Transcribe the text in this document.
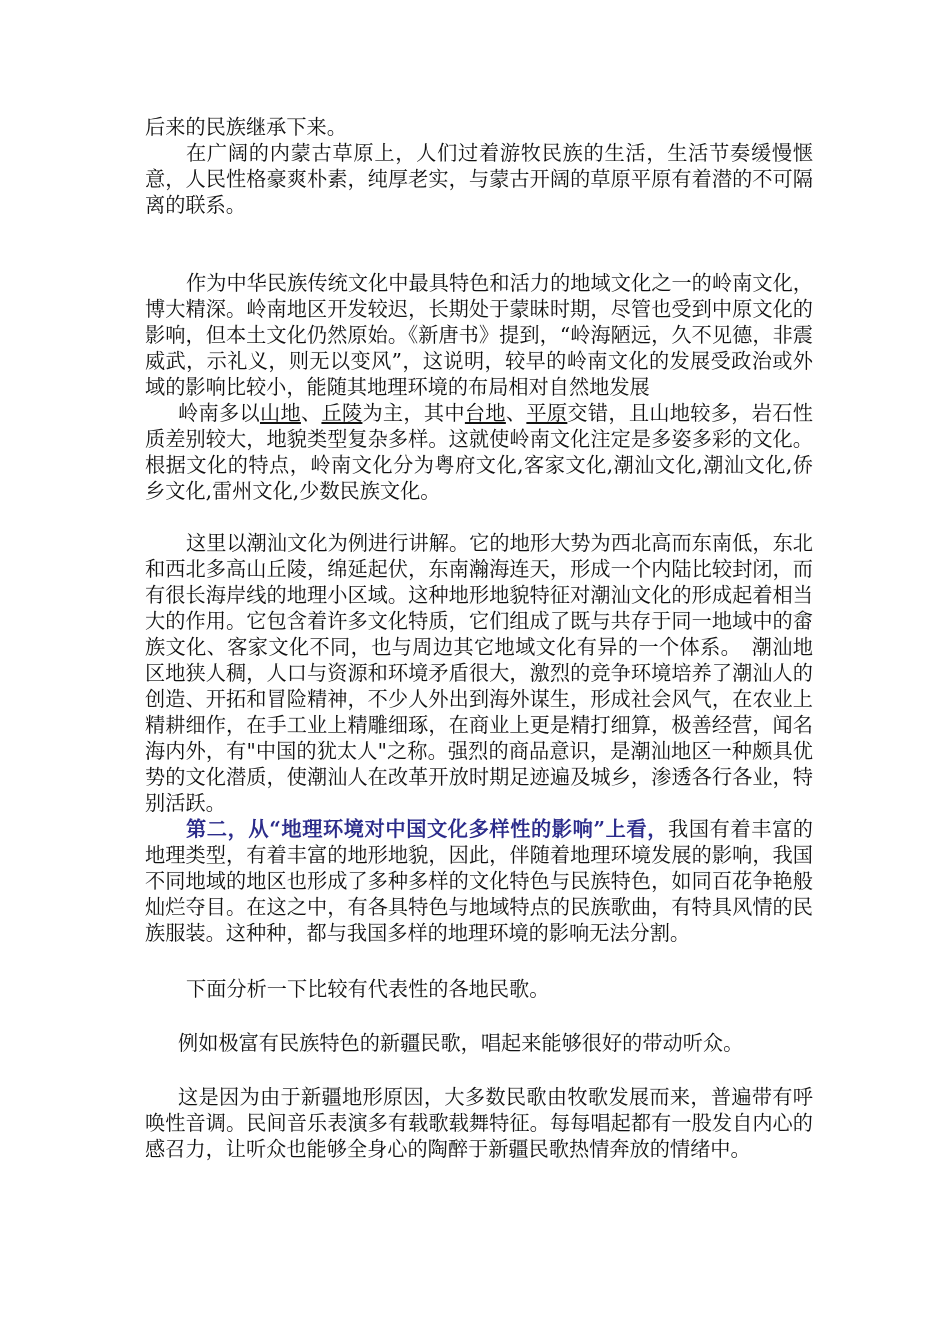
后来的民族继承下来。

在广阔的内蒙古草原上，人们过着游牧民族的生活，生活节奏缓慢惬意，人民性格豪爽朴素，纯厚老实，与蒙古开阔的草原平原有着潜的不可隔离的联系。

作为中华民族传统文化中最具特色和活力的地域文化之一的岭南文化，博大精深。岭南地区开发较迟，长期处于蒙昧时期，尽管也受到中原文化的影响，但本土文化仍然原始。《新唐书》提到，“岭海陋远，久不见德，非震威武，示礼义，则无以变风”，这说明，较早的岭南文化的发展受政治或外域的影响比较小，能随其地理环境的布局相对自然地发展

岭南多以山地、丘陵为主，其中台地、平原交错，且山地较多，岩石性质差别较大，地貌类型复杂多样。这就使岭南文化注定是多姿多彩的文化。根据文化的特点，岭南文化分为粤府文化,客家文化,潮汕文化,潮汕文化,侨乡文化,雷州文化,少数民族文化。

这里以潮汕文化为例进行讲解。它的地形大势为西北高而东南低，东北和西北多高山丘陵，绵延起伏，东南瀚海连天，形成一个内陆比较封闭，而有很长海岸线的地理小区域。这种地形地貌特征对潮汕文化的形成起着相当大的作用。它包含着许多文化特质，它们组成了既与共存于同一地域中的畲族文化、客家文化不同，也与周边其它地域文化有异的一个体系。　潮汕地区地狭人稠，人口与资源和环境矛盾很大，激烈的竞争环境培养了潮汕人的创造、开拓和冒险精神，不少人外出到海外谋生，形成社会风气，在农业上精耕细作，在手工业上精雕细琢，在商业上更是精打细算，极善经营，闻名海内外，有"中国的犹太人"之称。强烈的商品意识，是潮汕地区一种颇具优势的文化潜质，使潮汕人在改革开放时期足迹遍及城乡，渗透各行各业，特别活跃。

第二，从“地理环境对中国文化多样性的影响”上看，我国有着丰富的地理类型，有着丰富的地形地貌，因此，伴随着地理环境发展的影响，我国不同地域的地区也形成了多种多样的文化特色与民族特色，如同百花争艳般灿烂夺目。在这之中，有各具特色与地域特点的民族歌曲，有特具风情的民族服装。这种种，都与我国多样的地理环境的影响无法分割。

下面分析一下比较有代表性的各地民歌。

例如极富有民族特色的新疆民歌，唱起来能够很好的带动听众。

这是因为由于新疆地形原因，大多数民歌由牧歌发展而来，普遍带有呼唤性音调。民间音乐表演多有载歌载舞特征。每每唱起都有一股发自内心的感召力，让听众也能够全身心的陶醉于新疆民歌热情奔放的情绪中。
